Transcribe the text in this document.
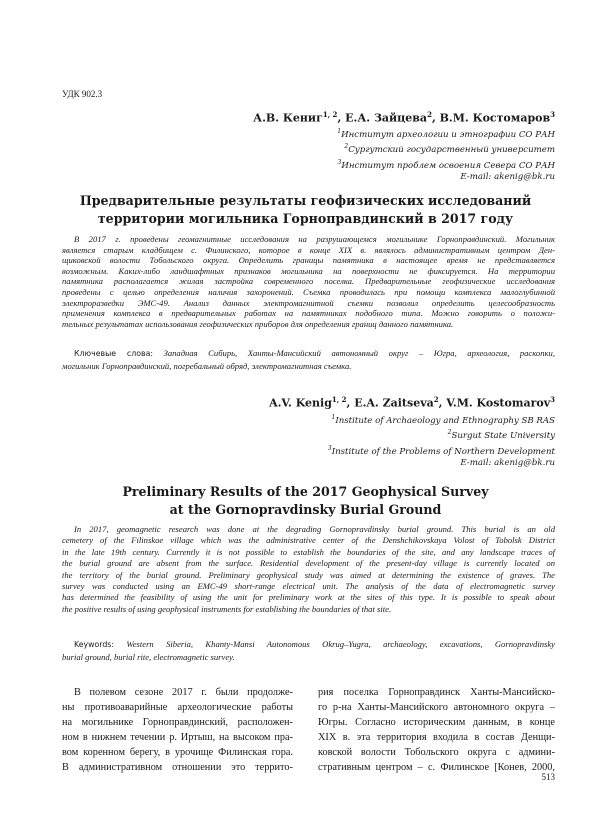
УДК 902.3
А.В. Кениг$^{1, 2}$, Е.А. Зайцева$^2$, В.М. Костомаров$^3$
$^1$Институт археологии и этнографии СО РАН
$^2$Сургутский государственный университет
$^3$Институт проблем освоения Севера СО РАН
E-mail: akenig@bk.ru
Предварительные результаты геофизических исследований
территории могильника Горноправдинский в 2017 году
В 2017 г. проведены геомагнитные исследования на разрушающемся могильнике Горноправдинский. Могильник
является старым кладбищем с. Филинского, которое в конце XIX в. являлось административным центром Ден-
щиковской волости Тобольского округа. Определить границы памятника в настоящее время не представляется
возможным. Каких-либо ландшафтных признаков могильника на поверхности не фиксируется. На территории
памятника располагается жилая застройка современного поселка. Предварительные геофизические исследования
проведены с целью определения наличия захоронений. Съемка проводилась при помощи комплекса малоглубинной
электроразведки ЭМС-49. Анализ данных электромагнитной съемки позволил определить целесообразность
применения комплекса в предварительных работах на памятниках подобного типа. Можно говорить о положи-
тельных результатах использования геофизических приборов для определения границ данного памятника.
Ключевые слова: Западная Сибирь, Ханты-Мансийский автономный округ – Югра, археология, раскопки,
могильник Горноправдинский, погребальный обряд, электромагнитная съемка.
A.V. Kenig$^{1, 2}$, E.A. Zaitseva$^2$, V.M. Kostomarov$^3$
$^1$Institute of Archaeology and Ethnography SB RAS
$^2$Surgut State University
$^3$Institute of the Problems of Northern Development
E-mail: akenig@bk.ru
Preliminary Results of the 2017 Geophysical Survey
at the Gornopravdinsky Burial Ground
In 2017, geomagnetic research was done at the degrading Gornopravdinsky burial ground. This burial is an old
cemetery of the Filinskoe village which was the administrative center of the Denshchikovskaya Volost of Tobolsk District
in the late 19th century. Currently it is not possible to establish the boundaries of the site, and any landscape traces of
the burial ground are absent from the surface. Residential development of the present-day village is currently located on
the territory of the burial ground. Preliminary geophysical study was aimed at determining the existence of graves. The
survey was conducted using an EMC-49 short-range electrical unit. The analysis of the data of electromagnetic survey
has determined the feasibility of using the unit for preliminary work at the sites of this type. It is possible to speak about
the positive results of using geophysical instruments for establishing the boundaries of that site.
Keywords: Western Siberia, Khanty-Mansi Autonomous Okrug–Yugra, archaeology, excavations, Gornopravdinsky
burial ground, burial rite, electromagnetic survey.
В полевом сезоне 2017 г. были продолже-
ны противоаварийные археологические работы
на могильнике Горноправдинский, расположен-
ном в нижнем течении р. Иртыш, на высоком пра-
вом коренном берегу, в урочище Филинская гора.
В административном отношении это террито-
рия поселка Горноправдинск Ханты-Мансийско-
го р-на Ханты-Мансийского автономного округа –
Югры. Согласно историческим данным, в конце
XIX в. эта территория входила в состав Денщи-
ковской волости Тобольского округа с админи-
стративным центром – с. Филинское [Конев, 2000,
513
